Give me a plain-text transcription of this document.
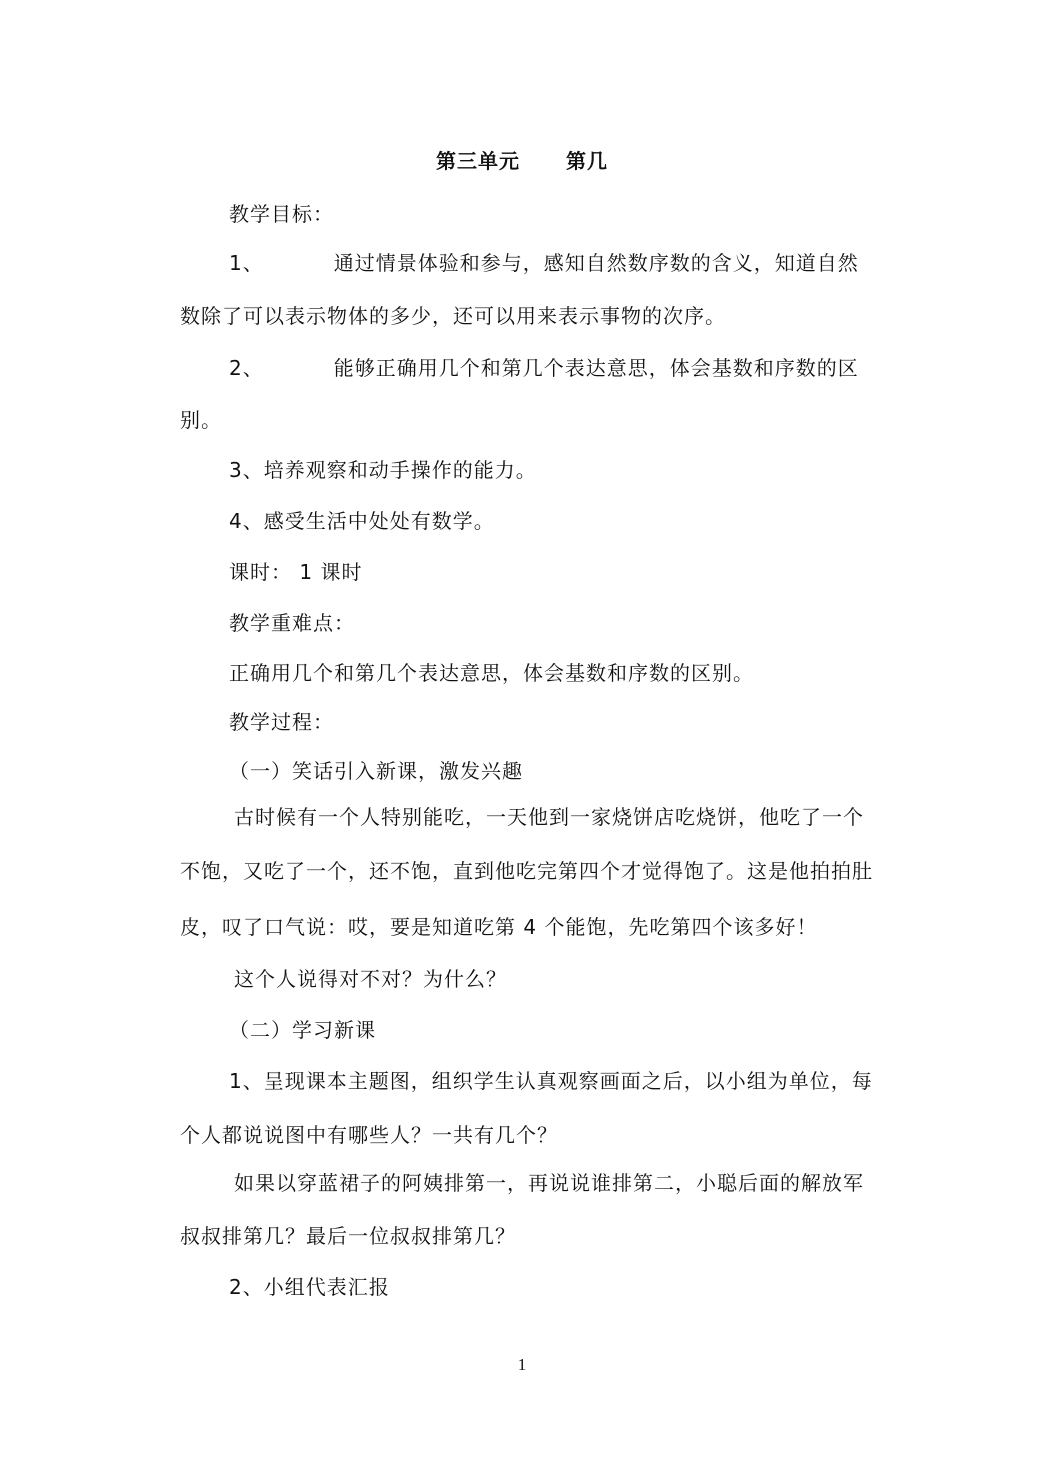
第三单元 第几
教学目标：
1、	通过情景体验和参与，感知自然数序数的含义，知道自然
数除了可以表示物体的多少，还可以用来表示事物的次序。
2、	能够正确用几个和第几个表达意思，体会基数和序数的区
别。
3、培养观察和动手操作的能力。
4、感受生活中处处有数学。
课时： 1 课时
教学重难点：
正确用几个和第几个表达意思，体会基数和序数的区别。
教学过程：
（一）笑话引入新课，激发兴趣
古时候有一个人特别能吃，一天他到一家烧饼店吃烧饼，他吃了一个
不饱，又吃了一个，还不饱，直到他吃完第四个才觉得饱了。这是他拍拍肚
皮，叹了口气说：哎，要是知道吃第 4 个能饱，先吃第四个该多好！
这个人说得对不对？为什么？
（二）学习新课
1、呈现课本主题图，组织学生认真观察画面之后，以小组为单位，每
个人都说说图中有哪些人？一共有几个？
如果以穿蓝裙子的阿姨排第一，再说说谁排第二，小聪后面的解放军
叔叔排第几？最后一位叔叔排第几？
2、小组代表汇报
1
